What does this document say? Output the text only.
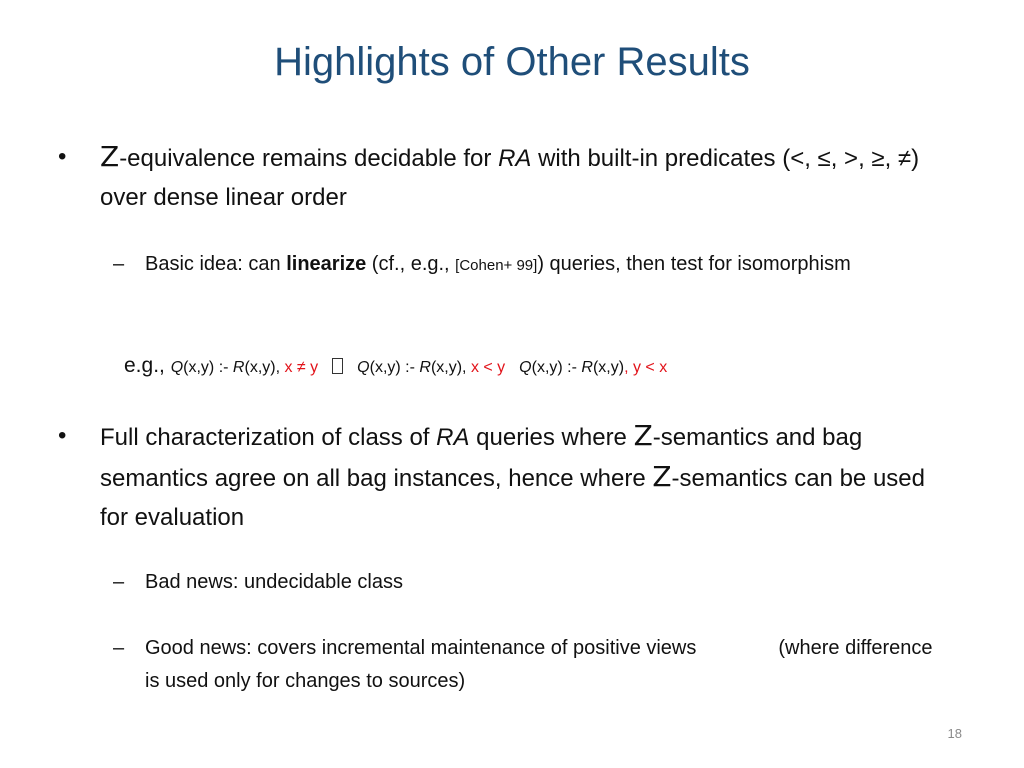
Highlights of Other Results
•	Z-equivalence remains decidable for RA with built-in predicates (<, ≤, >, ≥, ≠) over dense linear order
–	Basic idea: can linearize (cf., e.g., [Cohen+ 99]) queries, then test for isomorphism
e.g., Q(x,y) :- R(x,y), x ≠ y Q(x,y) :- R(x,y), x < y Q(x,y) :- R(x,y), y < x
•	Full characterization of class of RA queries where Z-semantics and bag semantics agree on all bag instances, hence where Z-semantics can be used for evaluation
–	Bad news: undecidable class
–	Good news: covers incremental maintenance of positive views	(where difference is used only for changes to sources)
18
